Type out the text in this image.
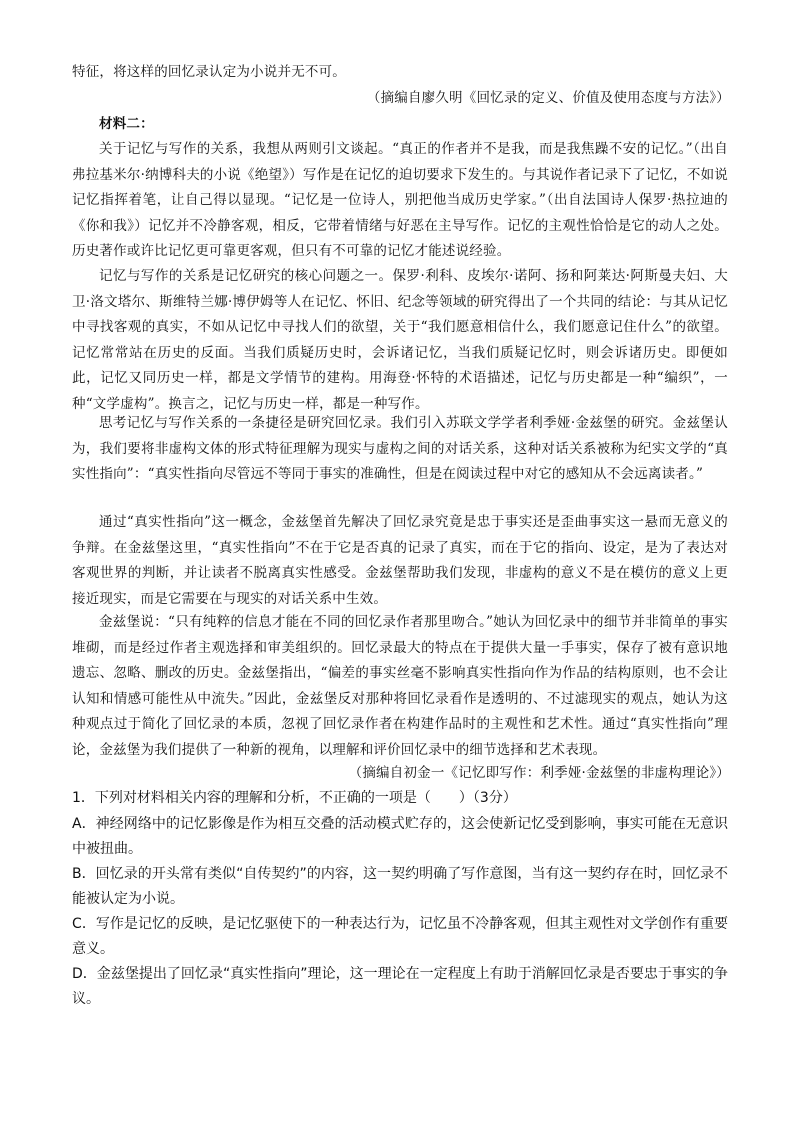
特征，将这样的回忆录认定为小说并无不可。

（摘编自廖久明《回忆录的定义、价值及使用态度与方法》）

材料二：

关于记忆与写作的关系，我想从两则引文谈起。“真正的作者并不是我，而是我焦躁不安的记忆。”（出自弗拉基米尔·纳博科夫的小说《绝望》）写作是在记忆的迫切要求下发生的。与其说作者记录下了记忆，不如说记忆指挥着笔，让自己得以显现。“记忆是一位诗人，别把他当成历史学家。”（出自法国诗人保罗·热拉迪的《你和我》）记忆并不冷静客观，相反，它带着情绪与好恶在主导写作。记忆的主观性恰恰是它的动人之处。历史著作或许比记忆更可靠更客观，但只有不可靠的记忆才能述说经验。

记忆与写作的关系是记忆研究的核心问题之一。保罗·利科、皮埃尔·诺阿、扬和阿莱达·阿斯曼夫妇、大卫·洛文塔尔、斯维特兰娜·博伊姆等人在记忆、怀旧、纪念等领域的研究得出了一个共同的结论：与其从记忆中寻找客观的真实，不如从记忆中寻找人们的欲望，关于“我们愿意相信什么，我们愿意记住什么”的欲望。记忆常常站在历史的反面。当我们质疑历史时，会诉诸记忆，当我们质疑记忆时，则会诉诸历史。即便如此，记忆又同历史一样，都是文学情节的建构。用海登·怀特的术语描述，记忆与历史都是一种“编织”，一种“文学虚构”。换言之，记忆与历史一样，都是一种写作。

思考记忆与写作关系的一条捷径是研究回忆录。我们引入苏联文学学者利季娅·金兹堡的研究。金兹堡认为，我们要将非虚构文体的形式特征理解为现实与虚构之间的对话关系，这种对话关系被称为纪实文学的“真实性指向”：“真实性指向尽管远不等同于事实的准确性，但是在阅读过程中对它的感知从不会远离读者。”

通过“真实性指向”这一概念，金兹堡首先解决了回忆录究竟是忠于事实还是歪曲事实这一悬而无意义的争辩。在金兹堡这里，“真实性指向”不在于它是否真的记录了真实，而在于它的指向、设定，是为了表达对客观世界的判断，并让读者不脱离真实性感受。金兹堡帮助我们发现，非虚构的意义不是在模仿的意义上更接近现实，而是它需要在与现实的对话关系中生效。

金兹堡说：“只有纯粹的信息才能在不同的回忆录作者那里吻合。”她认为回忆录中的细节并非简单的事实堆砌，而是经过作者主观选择和审美组织的。回忆录最大的特点在于提供大量一手事实，保存了被有意识地遗忘、忽略、删改的历史。金兹堡指出，“偏差的事实丝毫不影响真实性指向作为作品的结构原则，也不会让认知和情感可能性从中流失。”因此，金兹堡反对那种将回忆录看作是透明的、不过滤现实的观点，她认为这种观点过于简化了回忆录的本质，忽视了回忆录作者在构建作品时的主观性和艺术性。通过“真实性指向”理论，金兹堡为我们提供了一种新的视角，以理解和评价回忆录中的细节选择和艺术表现。

（摘编自初金一《记忆即写作：利季娅·金兹堡的非虚构理论》）

1．下列对材料相关内容的理解和分析，不正确的一项是（　　）（3分）

A．神经网络中的记忆影像是作为相互交叠的活动模式贮存的，这会使新记忆受到影响，事实可能在无意识中被扭曲。

B．回忆录的开头常有类似“自传契约”的内容，这一契约明确了写作意图，当有这一契约存在时，回忆录不能被认定为小说。

C．写作是记忆的反映，是记忆驱使下的一种表达行为，记忆虽不冷静客观，但其主观性对文学创作有重要意义。

D．金兹堡提出了回忆录“真实性指向”理论，这一理论在一定程度上有助于消解回忆录是否要忠于事实的争议。
